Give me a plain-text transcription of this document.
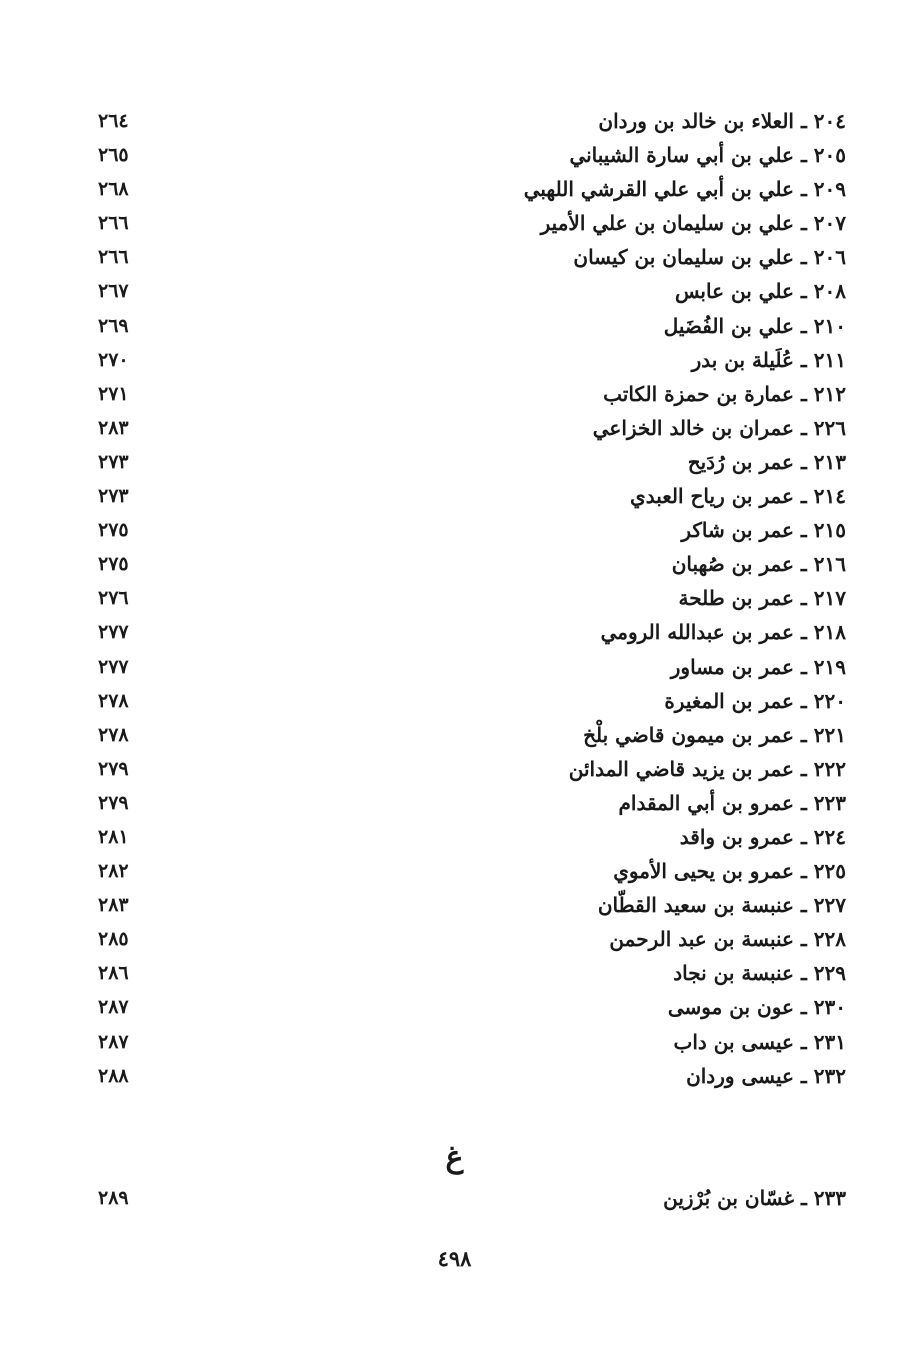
٢٠٤ ـ العلاء بن خالد بن وردان
٢٦٤
٢٠٥ ـ علي بن أبي سارة الشيباني
٢٦٥
٢٠٩ ـ علي بن أبي علي القرشي اللهبي
٢٦٨
٢٠٧ ـ علي بن سليمان بن علي الأمير
٢٦٦
٢٠٦ ـ علي بن سليمان بن كيسان
٢٦٦
٢٠٨ ـ علي بن عابس
٢٦٧
٢١٠ ـ علي بن الفُضَيل
٢٦٩
٢١١ ـ عُلَيلة بن بدر
٢٧٠
٢١٢ ـ عمارة بن حمزة الكاتب
٢٧١
٢٢٦ ـ عمران بن خالد الخزاعي
٢٨٣
٢١٣ ـ عمر بن رُدَيح
٢٧٣
٢١٤ ـ عمر بن رياح العبدي
٢٧٣
٢١٥ ـ عمر بن شاكر
٢٧٥
٢١٦ ـ عمر بن صُهبان
٢٧٥
٢١٧ ـ عمر بن طلحة
٢٧٦
٢١٨ ـ عمر بن عبدالله الرومي
٢٧٧
٢١٩ ـ عمر بن مساور
٢٧٧
٢٢٠ ـ عمر بن المغيرة
٢٧٨
٢٢١ ـ عمر بن ميمون قاضي بلْخ
٢٧٨
٢٢٢ ـ عمر بن يزيد قاضي المدائن
٢٧٩
٢٢٣ ـ عمرو بن أبي المقدام
٢٧٩
٢٢٤ ـ عمرو بن واقد
٢٨١
٢٢٥ ـ عمرو بن يحيى الأموي
٢٨٢
٢٢٧ ـ عنبسة بن سعيد القطّان
٢٨٣
٢٢٨ ـ عنبسة بن عبد الرحمن
٢٨٥
٢٢٩ ـ عنبسة بن نجاد
٢٨٦
٢٣٠ ـ عون بن موسى
٢٨٧
٢٣١ ـ عيسى بن داب
٢٨٧
٢٣٢ ـ عيسى وردان
٢٨٨
غ
٢٣٣ ـ غسّان بن بُرْزين
٢٨٩
٤٩٨
